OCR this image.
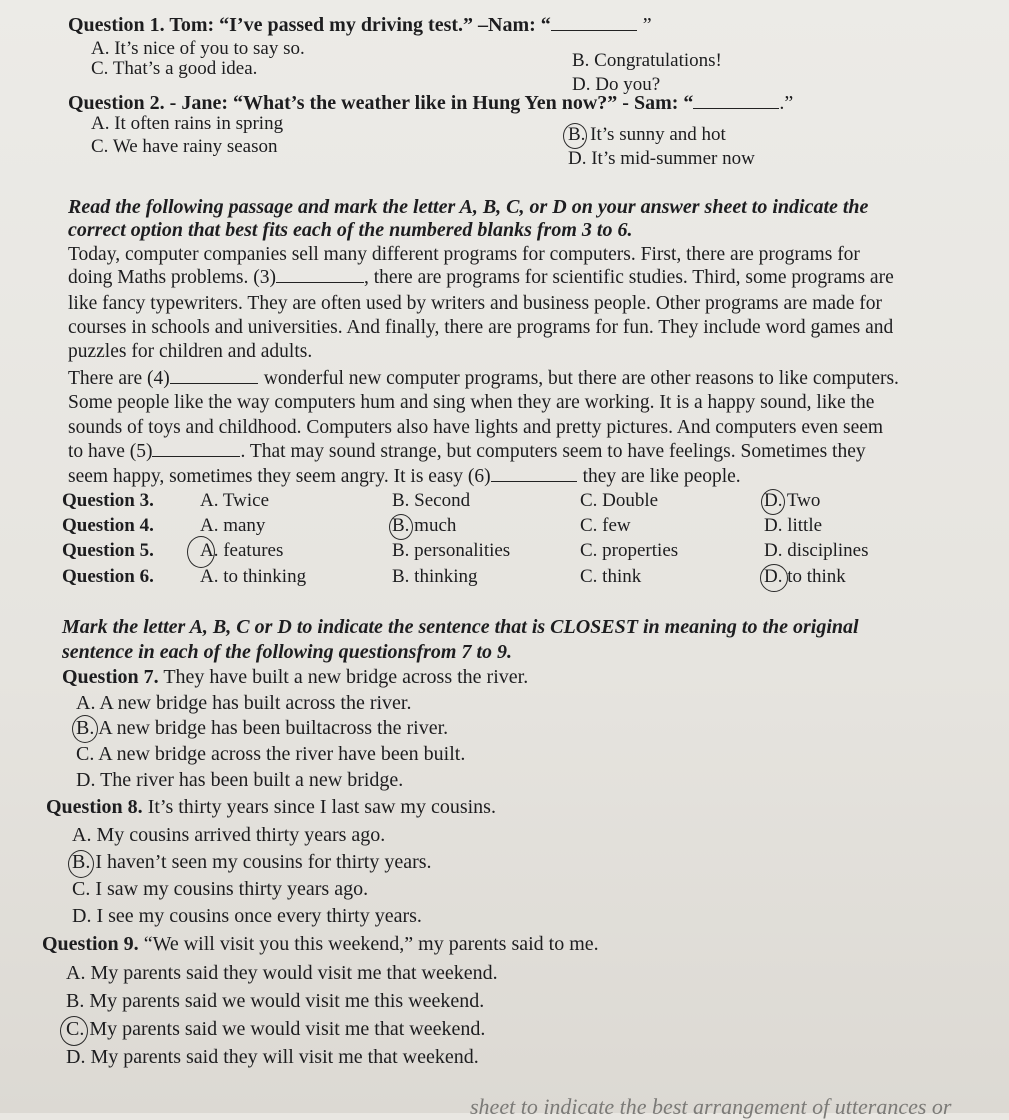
Question 1. Tom: “I’ve passed my driving test.” –Nam: “	”
A. It’s nice of you to say so.
B. Congratulations!
C. That’s a good idea.
D. Do you?
Question 2. - Jane: “What’s the weather like in Hung Yen now?” - Sam: “	.”
A. It often rains in spring
B. It’s sunny and hot
C. We have rainy season
D. It’s mid-summer now
Read the following passage and mark the letter A, B, C, or D on your answer sheet to indicate the
correct option that best fits each of the numbered blanks from 3 to 6.
Today, computer companies sell many different programs for computers. First, there are programs for
doing Maths problems. (3)	, there are programs for scientific studies. Third, some programs are
like fancy typewriters. They are often used by writers and business people. Other programs are made for
courses in schools and universities. And finally, there are programs for fun. They include word games and
puzzles for children and adults.
There are (4)	wonderful new computer programs, but there are other reasons to like computers.
Some people like the way computers hum and sing when they are working. It is a happy sound, like the
sounds of toys and childhood. Computers also have lights and pretty pictures. And computers even seem
to have (5)	. That may sound strange, but computers seem to have feelings. Sometimes they
seem happy, sometimes they seem angry. It is easy (6)	they are like people.
Question 3. A. Twice	B. Second	C. Double	D. Two
Question 4. A. many	B. much	C. few	D. little
Question 5. A. features	B. personalities	C. properties	D. disciplines
Question 6. A. to thinking	B. thinking	C. think	D. to think
Mark the letter A, B, C or D to indicate the sentence that is CLOSEST in meaning to the original
sentence in each of the following questionsfrom 7 to 9.
Question 7. They have built a new bridge across the river.
A. A new bridge has built across the river.
B. A new bridge has been builtacross the river.
C. A new bridge across the river have been built.
D. The river has been built a new bridge.
Question 8. It’s thirty years since I last saw my cousins.
A. My cousins arrived thirty years ago.
B. I haven’t seen my cousins for thirty years.
C. I saw my cousins thirty years ago.
D. I see my cousins once every thirty years.
Question 9. “We will visit you this weekend,” my parents said to me.
A. My parents said they would visit me that weekend.
B. My parents said we would visit me this weekend.
C. My parents said we would visit me that weekend.
D. My parents said they will visit me that weekend.
sheet to indicate the best arrangement of utterances or
